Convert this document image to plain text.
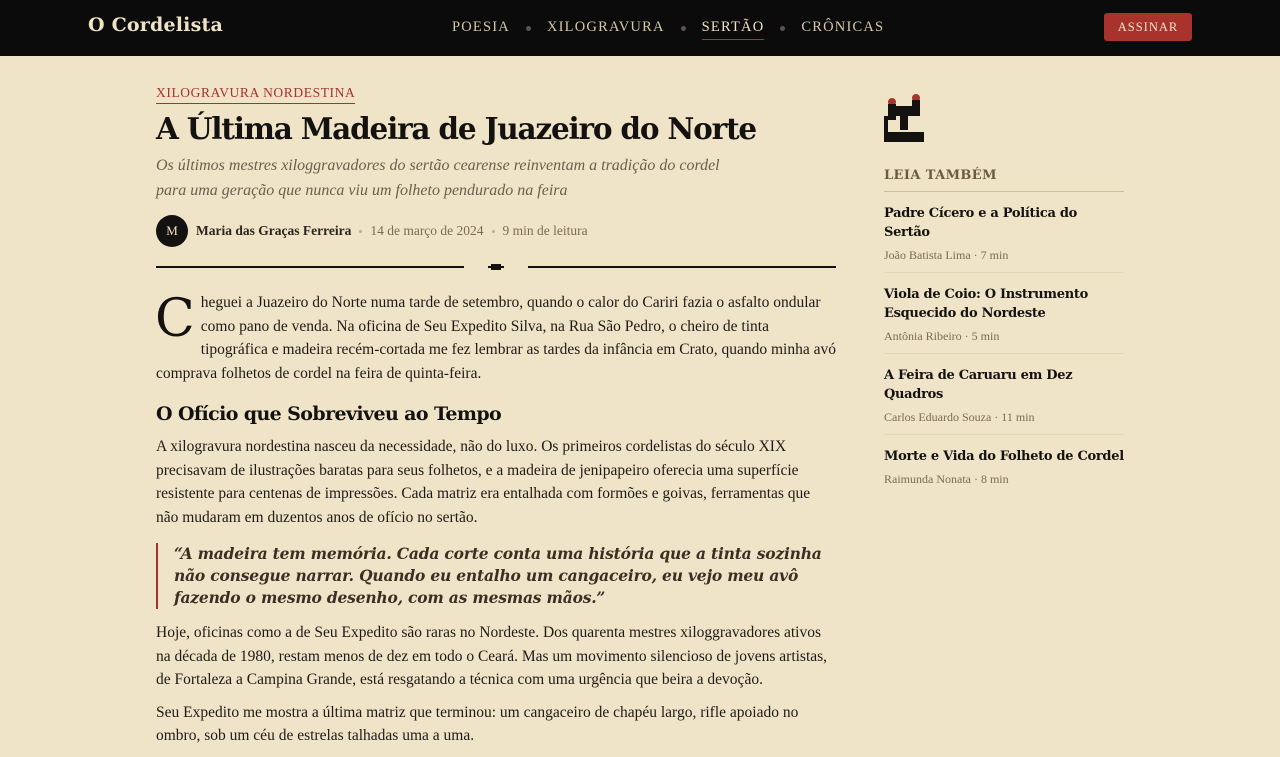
O Cordelista	POESIA	XILOGRAVURA	SERTÃO	CRÔNICAS	ASSINAR
XILOGRAVURA NORDESTINA
A Última Madeira de Juazeiro do Norte

Os últimos mestres xiloggravadores do sertão cearense reinventam a tradição do cordel para uma geração que nunca viu um folheto pendurado na feira

M	Maria das Graças Ferreira 14 de março de 2024 9 min de leitura

Cheguei a Juazeiro do Norte numa tarde de setembro, quando o calor do Cariri fazia o asfalto ondular como pano de venda. Na oficina de Seu Expedito Silva, na Rua São Pedro, o cheiro de tinta tipográfica e madeira recém-cortada me fez lembrar as tardes da infância em Crato, quando minha avó comprava folhetos de cordel na feira de quinta-feira.

O Ofício que Sobreviveu ao Tempo

A xilogravura nordestina nasceu da necessidade, não do luxo. Os primeiros cordelistas do século XIX precisavam de ilustrações baratas para seus folhetos, e a madeira de jenipapeiro oferecia uma superfície resistente para centenas de impressões. Cada matriz era entalhada com formões e goivas, ferramentas que não mudaram em duzentos anos de ofício no sertão.

“A madeira tem memória. Cada corte conta uma história que a tinta sozinha não consegue narrar. Quando eu entalho um cangaceiro, eu vejo meu avô fazendo o mesmo desenho, com as mesmas mãos.”

Hoje, oficinas como a de Seu Expedito são raras no Nordeste. Dos quarenta mestres xiloggravadores ativos na década de 1980, restam menos de dez em todo o Ceará. Mas um movimento silencioso de jovens artistas, de Fortaleza a Campina Grande, está resgatando a técnica com uma urgência que beira a devoção.

Seu Expedito me mostra a última matriz que terminou: um cangaceiro de chapéu largo, rifle apoiado no ombro, sob um céu de estrelas talhadas uma a uma.

LEIA TAMBÉM
Padre Cícero e a Política do Sertão
João Batista Lima · 7 min
Viola de Coio: O Instrumento Esquecido do Nordeste
Antônia Ribeiro · 5 min
A Feira de Caruaru em Dez Quadros
Carlos Eduardo Souza · 11 min
Morte e Vida do Folheto de Cordel
Raimunda Nonata · 8 min
